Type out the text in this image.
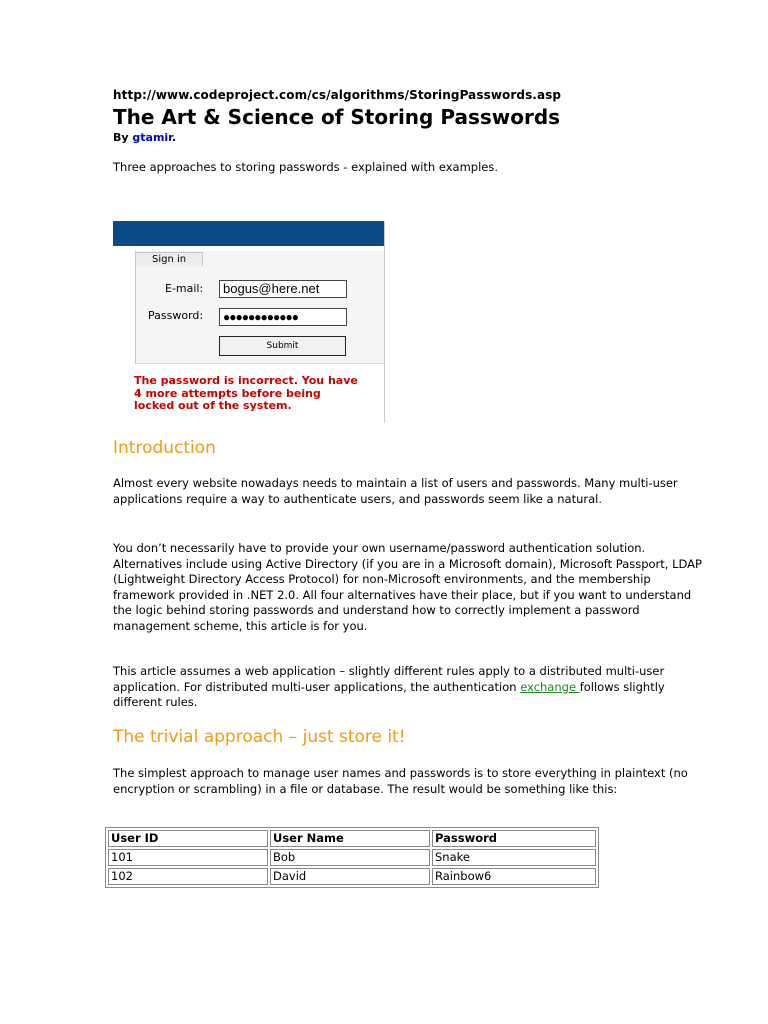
http://www.codeproject.com/cs/algorithms/StoringPasswords.asp

The Art & Science of Storing Passwords

By gtamir.

Three approaches to storing passwords - explained with examples.

Sign in
E-mail:	bogus@here.net
Password:	●●●●●●●●●●●●
Submit
The password is incorrect. You have 4 more attempts before being locked out of the system.
Introduction

Almost every website nowadays needs to maintain a list of users and passwords. Many multi-user applications require a way to authenticate users, and passwords seem like a natural.

You don’t necessarily have to provide your own username/password authentication solution. Alternatives include using Active Directory (if you are in a Microsoft domain), Microsoft Passport, LDAP (Lightweight Directory Access Protocol) for non-Microsoft environments, and the membership framework provided in .NET 2.0. All four alternatives have their place, but if you want to understand the logic behind storing passwords and understand how to correctly implement a password management scheme, this article is for you.

This article assumes a web application – slightly different rules apply to a distributed multi-user application. For distributed multi-user applications, the authentication exchange follows slightly different rules.

The trivial approach – just store it!

The simplest approach to manage user names and passwords is to store everything in plaintext (no encryption or scrambling) in a file or database. The result would be something like this:

User ID	User Name	Password
101	Bob	Snake
102	David	Rainbow6
